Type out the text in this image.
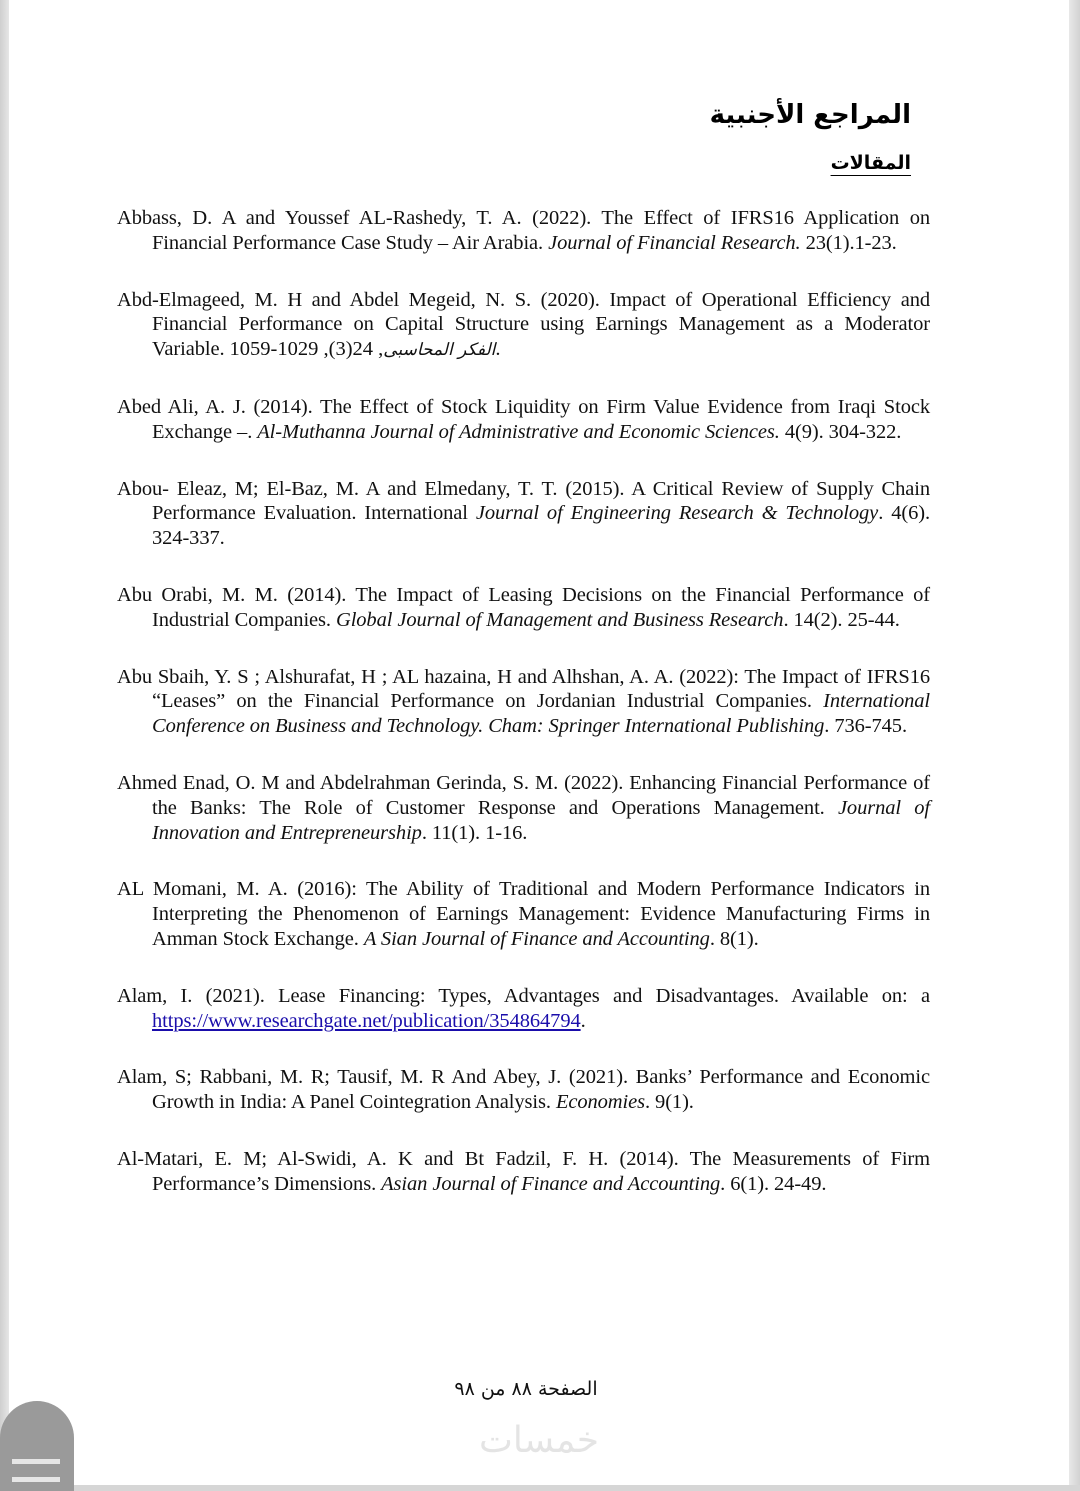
المراجع الأجنبية
المقالات
Abbass, D. A and Youssef AL-Rashedy, T. A. (2022). The Effect of IFRS16 Application on Financial Performance Case Study – Air Arabia. Journal of Financial Research. 23(1).1-23.
Abd-Elmageed, M. H and Abdel Megeid, N. S. (2020). Impact of Operational Efficiency and Financial Performance on Capital Structure using Earnings Management as a Moderator Variable.	الفكر المحاسبى, 24(3), 1029-1059.
Abed Ali, A. J. (2014). The Effect of Stock Liquidity on Firm Value Evidence from Iraqi Stock Exchange –. Al-Muthanna Journal of Administrative and Economic Sciences. 4(9). 304-322.
Abou- Eleaz, M; El-Baz, M. A and Elmedany, T. T. (2015). A Critical Review of Supply Chain Performance Evaluation. International Journal of Engineering Research & Technology. 4(6). 324-337.
Abu Orabi, M. M. (2014). The Impact of Leasing Decisions on the Financial Performance of Industrial Companies. Global Journal of Management and Business Research. 14(2). 25-44.
Abu Sbaih, Y. S ; Alshurafat, H ; AL hazaina, H and Alhshan, A. A. (2022): The Impact of IFRS16 “Leases” on the Financial Performance on Jordanian Industrial Companies. International Conference on Business and Technology. Cham: Springer International Publishing. 736-745.
Ahmed Enad, O. M and Abdelrahman Gerinda, S. M. (2022). Enhancing Financial Performance of the Banks: The Role of Customer Response and Operations Management. Journal of Innovation and Entrepreneurship. 11(1). 1-16.
AL Momani, M. A. (2016): The Ability of Traditional and Modern Performance Indicators in Interpreting the Phenomenon of Earnings Management: Evidence Manufacturing Firms in Amman Stock Exchange. A Sian Journal of Finance and Accounting. 8(1).
Alam, I. (2021). Lease Financing: Types, Advantages and Disadvantages. Available on: a https://www.researchgate.net/publication/354864794.
Alam, S; Rabbani, M. R; Tausif, M. R And Abey, J. (2021). Banks’ Performance and Economic Growth in India: A Panel Cointegration Analysis. Economies. 9(1).
Al-Matari, E. M; Al-Swidi, A. K and Bt Fadzil, F. H. (2014). The Measurements of Firm Performance’s Dimensions. Asian Journal of Finance and Accounting. 6(1). 24-49.
الصفحة ٨٨ من ٩٨
خمسات
